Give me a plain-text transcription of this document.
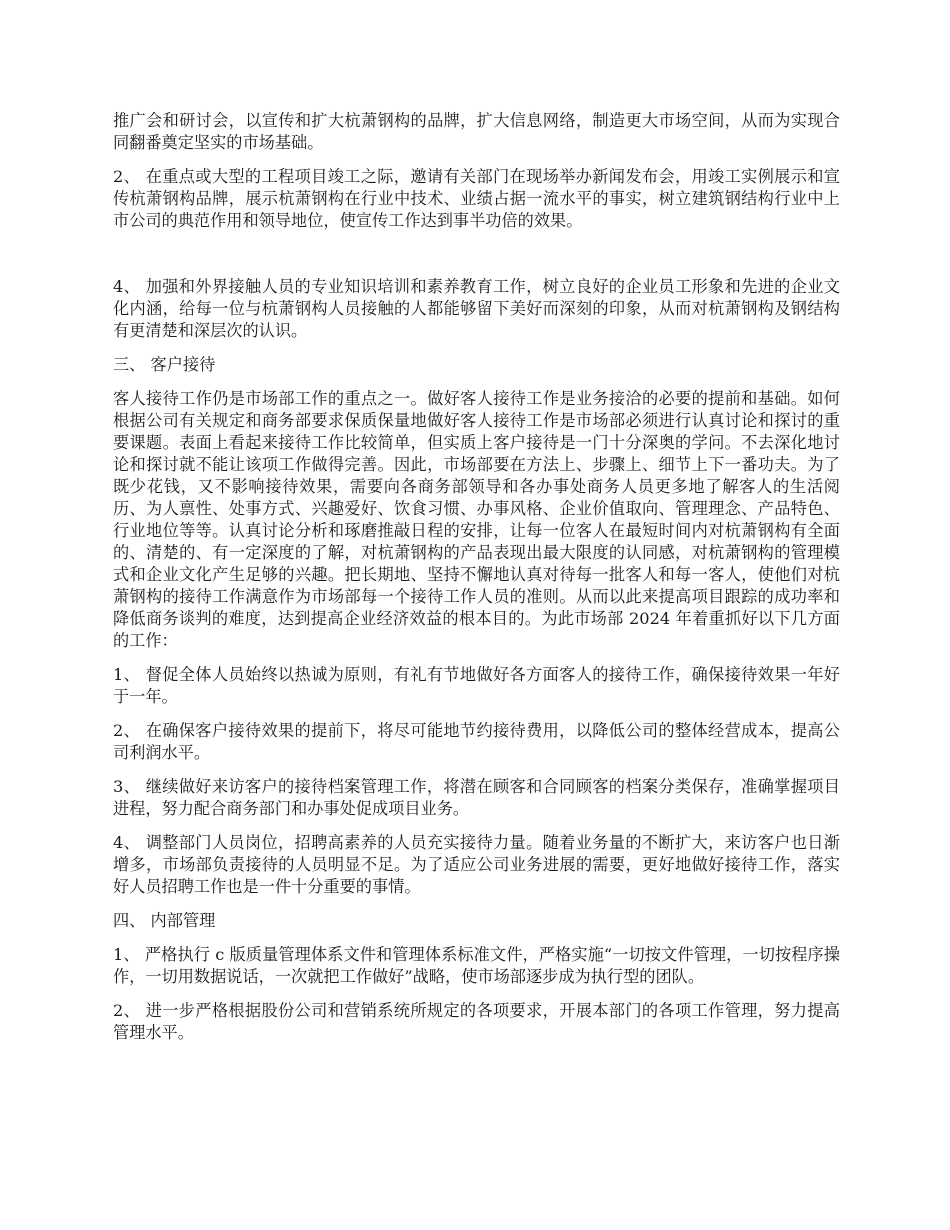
推广会和研讨会，以宣传和扩大杭萧钢构的品牌，扩大信息网络，制造更大市场空间，从而为实现合同翻番奠定坚实的市场基础。

2、 在重点或大型的工程项目竣工之际，邀请有关部门在现场举办新闻发布会，用竣工实例展示和宣传杭萧钢构品牌，展示杭萧钢构在行业中技术、业绩占据一流水平的事实，树立建筑钢结构行业中上市公司的典范作用和领导地位，使宣传工作达到事半功倍的效果。

4、 加强和外界接触人员的专业知识培训和素养教育工作，树立良好的企业员工形象和先进的企业文化内涵，给每一位与杭萧钢构人员接触的人都能够留下美好而深刻的印象，从而对杭萧钢构及钢结构有更清楚和深层次的认识。

三、 客户接待

客人接待工作仍是市场部工作的重点之一。做好客人接待工作是业务接洽的必要的提前和基础。如何根据公司有关规定和商务部要求保质保量地做好客人接待工作是市场部必须进行认真讨论和探讨的重要课题。表面上看起来接待工作比较简单，但实质上客户接待是一门十分深奥的学问。不去深化地讨论和探讨就不能让该项工作做得完善。因此，市场部要在方法上、步骤上、细节上下一番功夫。为了既少花钱，又不影响接待效果，需要向各商务部领导和各办事处商务人员更多地了解客人的生活阅历、为人禀性、处事方式、兴趣爱好、饮食习惯、办事风格、企业价值取向、管理理念、产品特色、行业地位等等。认真讨论分析和琢磨推敲日程的安排，让每一位客人在最短时间内对杭萧钢构有全面的、清楚的、有一定深度的了解，对杭萧钢构的产品表现出最大限度的认同感，对杭萧钢构的管理模式和企业文化产生足够的兴趣。把长期地、坚持不懈地认真对待每一批客人和每一客人，使他们对杭萧钢构的接待工作满意作为市场部每一个接待工作人员的准则。从而以此来提高项目跟踪的成功率和降低商务谈判的难度，达到提高企业经济效益的根本目的。为此市场部 2024 年着重抓好以下几方面的工作：

1、 督促全体人员始终以热诚为原则，有礼有节地做好各方面客人的接待工作，确保接待效果一年好于一年。

2、 在确保客户接待效果的提前下，将尽可能地节约接待费用，以降低公司的整体经营成本，提高公司利润水平。

3、 继续做好来访客户的接待档案管理工作，将潜在顾客和合同顾客的档案分类保存，准确掌握项目进程，努力配合商务部门和办事处促成项目业务。

4、 调整部门人员岗位，招聘高素养的人员充实接待力量。随着业务量的不断扩大，来访客户也日渐增多，市场部负责接待的人员明显不足。为了适应公司业务进展的需要，更好地做好接待工作，落实好人员招聘工作也是一件十分重要的事情。

四、 内部管理

1、 严格执行 c 版质量管理体系文件和管理体系标准文件，严格实施“一切按文件管理，一切按程序操作，一切用数据说话，一次就把工作做好”战略，使市场部逐步成为执行型的团队。

2、 进一步严格根据股份公司和营销系统所规定的各项要求，开展本部门的各项工作管理，努力提高管理水平。
